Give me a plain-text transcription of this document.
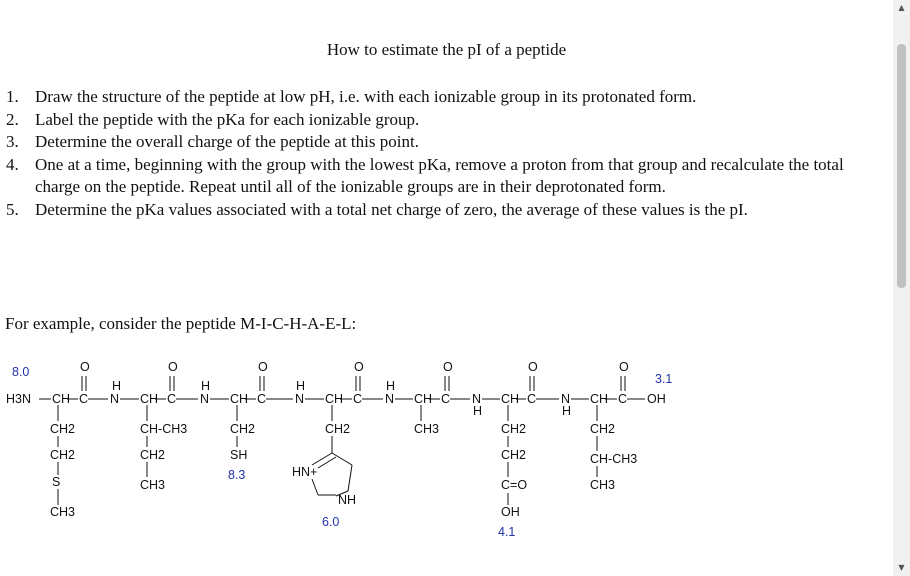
How to estimate the pI of a peptide
1. Draw the structure of the peptide at low pH, i.e. with each ionizable group in its protonated form.
2. Label the peptide with the pKa for each ionizable group.
3. Determine the overall charge of the peptide at this point.
4. One at a time, beginning with the group with the lowest pKa, remove a proton from that group and recalculate the total charge on the peptide. Repeat until all of the ionizable groups are in their deprotonated form.
5. Determine the pKa values associated with a total net charge of zero, the average of these values is the pI.
For example, consider the peptide M-I-C-H-A-E-L:
8.0	3.1
8.3
6.0
4.1
O	O	O	O	O	O	O
H	H	H	H
H	H
H3N CH C N CH C N CH C N CH C N CH C N CH C N CH C OH
CH2
CH2
S
CH3
CH-CH3
CH2
CH3
CH2
SH
CH2
HN+
NH
CH3	CH2
CH2
C=O
OH
CH2
CH-CH3
CH3
▲
▼
